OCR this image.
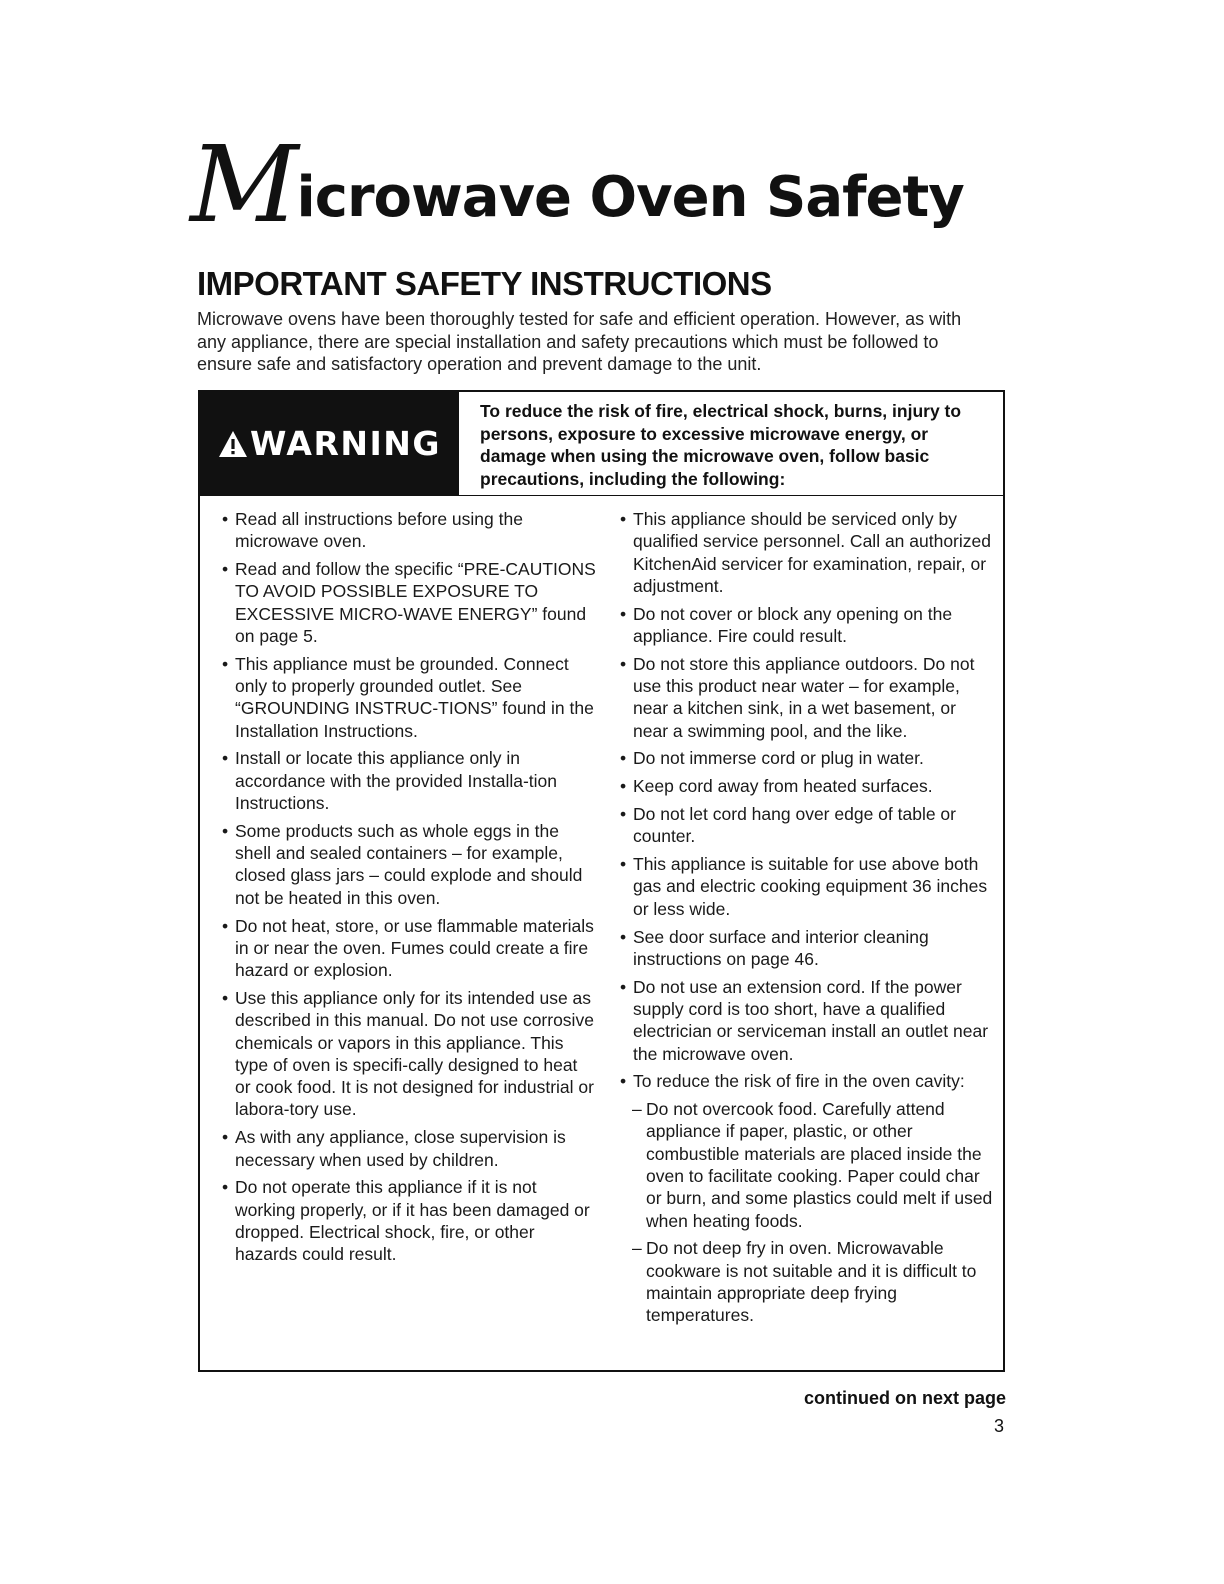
M icrowave Oven Safety
IMPORTANT SAFETY INSTRUCTIONS

Microwave ovens have been thoroughly tested for safe and efficient operation. However, as with any appliance, there are special installation and safety precautions which must be followed to ensure safe and satisfactory operation and prevent damage to the unit.

WARNING

To reduce the risk of fire, electrical shock, burns, injury to persons, exposure to excessive microwave energy, or damage when using the microwave oven, follow basic precautions, including the following:

• Read all instructions before using the microwave oven.
• Read and follow the specific “PRE-CAUTIONS TO AVOID POSSIBLE EXPOSURE TO EXCESSIVE MICRO-WAVE ENERGY” found on page 5.
• This appliance must be grounded. Connect only to properly grounded outlet. See “GROUNDING INSTRUC-TIONS” found in the Installation Instructions.
• Install or locate this appliance only in accordance with the provided Installa-tion Instructions.
• Some products such as whole eggs in the shell and sealed containers – for example, closed glass jars – could explode and should not be heated in this oven.
• Do not heat, store, or use flammable materials in or near the oven. Fumes could create a fire hazard or explosion.
• Use this appliance only for its intended use as described in this manual. Do not use corrosive chemicals or vapors in this appliance. This type of oven is specifi-cally designed to heat or cook food. It is not designed for industrial or labora-tory use.
• As with any appliance, close supervision is necessary when used by children.
• Do not operate this appliance if it is not working properly, or if it has been damaged or dropped. Electrical shock, fire, or other hazards could result.
• This appliance should be serviced only by qualified service personnel. Call an authorized KitchenAid servicer for examination, repair, or adjustment.
• Do not cover or block any opening on the appliance. Fire could result.
• Do not store this appliance outdoors. Do not use this product near water – for example, near a kitchen sink, in a wet basement, or near a swimming pool, and the like.
• Do not immerse cord or plug in water.
• Keep cord away from heated surfaces.
• Do not let cord hang over edge of table or counter.
• This appliance is suitable for use above both gas and electric cooking equipment 36 inches or less wide.
• See door surface and interior cleaning instructions on page 46.
• Do not use an extension cord. If the power supply cord is too short, have a qualified electrician or serviceman install an outlet near the microwave oven.
• To reduce the risk of fire in the oven cavity:
– Do not overcook food. Carefully attend appliance if paper, plastic, or other combustible materials are placed inside the oven to facilitate cooking. Paper could char or burn, and some plastics could melt if used when heating foods.
– Do not deep fry in oven. Microwavable cookware is not suitable and it is difficult to maintain appropriate deep frying temperatures.
continued on next page
3
